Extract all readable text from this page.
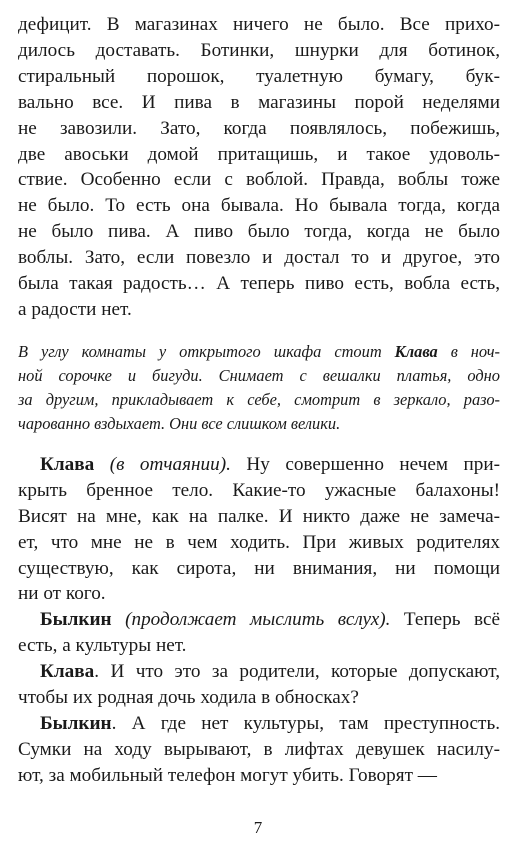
дефицит. В магазинах ничего не было. Все прихо-

дилось доставать. Ботинки, шнурки для ботинок,

стиральный порошок, туалетную бумагу, бук-

вально все. И пива в магазины порой неделями

не завозили. Зато, когда появлялось, побежишь,

две авоськи домой притащишь, и такое удоволь-

ствие. Особенно если с воблой. Правда, воблы тоже

не было. То есть она бывала. Но бывала тогда, когда

не было пива. А пиво было тогда, когда не было

воблы. Зато, если повезло и достал то и другое, это

была такая радость… А теперь пиво есть, вобла есть,

а радости нет.

В углу комнаты у открытого шкафа стоит Клава в ноч-

ной сорочке и бигуди. Снимает с вешалки платья, одно

за другим, прикладывает к себе, смотрит в зеркало, разо-

чарованно вздыхает. Они все слишком велики.

Клава (в отчаянии). Ну совершенно нечем при-

крыть бренное тело. Какие-то ужасные балахоны!

Висят на мне, как на палке. И никто даже не замеча-

ет, что мне не в чем ходить. При живых родителях

существую, как сирота, ни внимания, ни помощи

ни от кого.

Былкин (продолжает мыслить вслух). Теперь всё

есть, а культуры нет.

Клава. И что это за родители, которые допускают,

чтобы их родная дочь ходила в обносках?

Былкин. А где нет культуры, там преступность.

Сумки на ходу вырывают, в лифтах девушек насилу-

ют, за мобильный телефон могут убить. Говорят —

7
